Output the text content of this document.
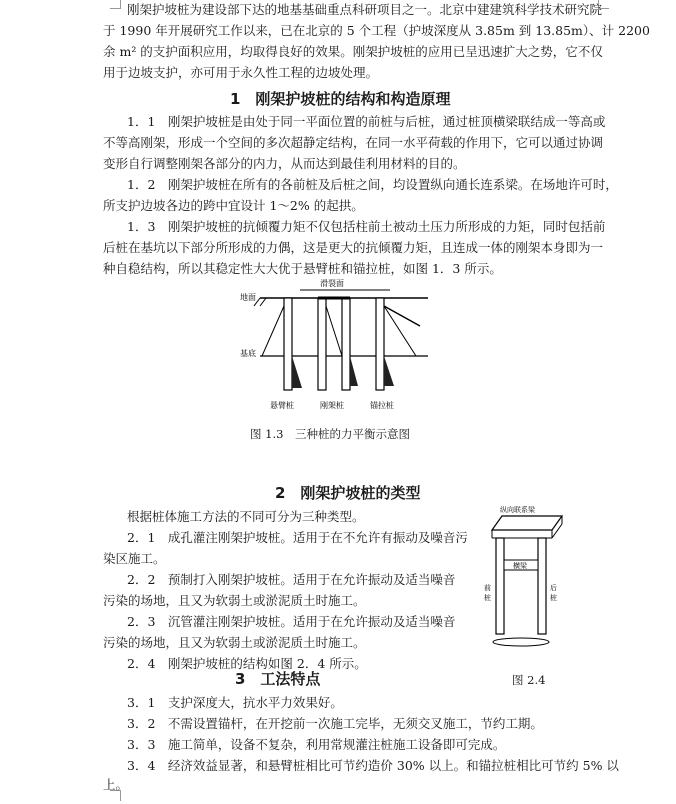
刚架护坡桩为建设部下达的地基基础重点科研项目之一。北京中建建筑科学技术研究院
于 1990 年开展研究工作以来，已在北京的 5 个工程（护坡深度从 3.85m 到 13.85m）、计 2200
余 m² 的支护面积应用，均取得良好的效果。刚架护坡桩的应用已呈迅速扩大之势，它不仅
用于边坡支护，亦可用于永久性工程的边坡处理。
1　刚架护坡桩的结构和构造原理
1．1　刚架护坡桩是由处于同一平面位置的前桩与后桩，通过桩顶横梁联结成一等高或
不等高刚架，形成一个空间的多次超静定结构，在同一水平荷载的作用下，它可以通过协调
变形自行调整刚架各部分的内力，从而达到最佳利用材料的目的。
1．2　刚架护坡桩在所有的各前桩及后桩之间，均设置纵向通长连系梁。在场地许可时，
所支护边坡各边的跨中宜设计 1～2% 的起拱。
1．3　刚架护坡桩的抗倾覆力矩不仅包括柱前土被动土压力所形成的力矩，同时包括前
后桩在基坑以下部分所形成的力偶，这是更大的抗倾覆力矩，且连成一体的刚架本身即为一
种自稳结构，所以其稳定性大大优于悬臂桩和锚拉桩，如图 1．3 所示。
地面
滑裂面
基底
悬臂桩	刚架桩	锚拉桩
图 1.3　三种桩的力平衡示意图
2　刚架护坡桩的类型
根据桩体施工方法的不同可分为三种类型。
2．1　成孔灌注刚架护坡桩。适用于在不允许有振动及噪音污
染区施工。
2．2　预制打入刚架护坡桩。适用于在允许振动及适当噪音
污染的场地，且又为软弱土或淤泥质土时施工。
2．3　沉管灌注刚架护坡桩。适用于在允许振动及适当噪音
污染的场地，且又为软弱土或淤泥质土时施工。
2．4　刚架护坡桩的结构如图 2．4 所示。
纵向联系梁
横梁
前
桩
后
桩
图 2.4
3　工法特点
3．1　支护深度大，抗水平力效果好。
3．2　不需设置锚杆，在开挖前一次施工完毕，无须交叉施工，节约工期。
3．3　施工简单，设备不复杂，利用常规灌注桩施工设备即可完成。
3．4　经济效益显著，和悬臂桩相比可节约造价 30% 以上。和锚拉桩相比可节约 5% 以
上。
